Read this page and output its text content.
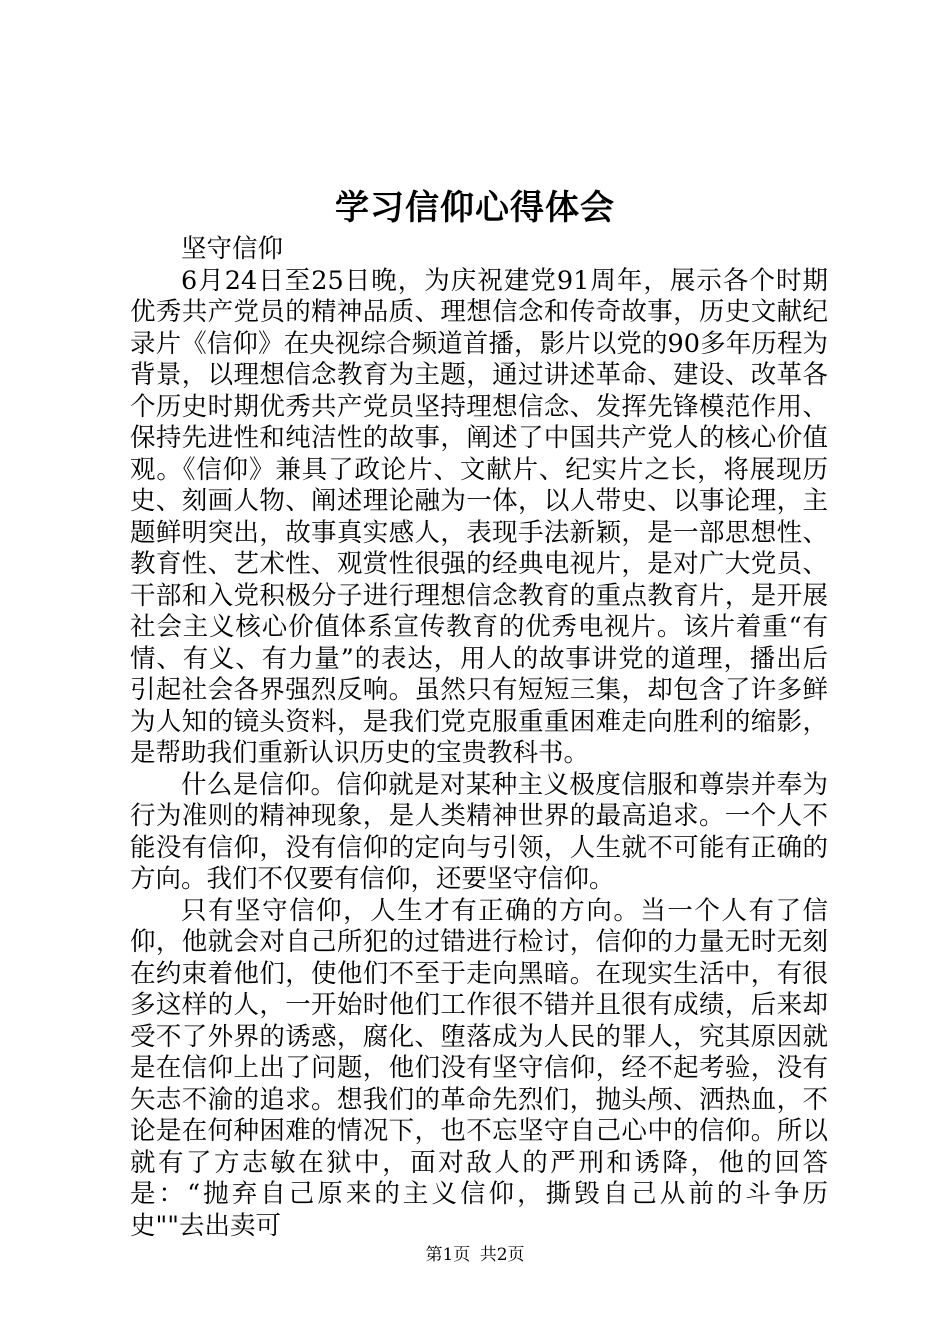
学习信仰心得体会

坚守信仰

6月24日至25日晚，为庆祝建党91周年，展示各个时期优秀共产党员的精神品质、理想信念和传奇故事，历史文献纪录片《信仰》在央视综合频道首播，影片以党的90多年历程为背景，以理想信念教育为主题，通过讲述革命、建设、改革各个历史时期优秀共产党员坚持理想信念、发挥先锋模范作用、保持先进性和纯洁性的故事，阐述了中国共产党人的核心价值观。《信仰》兼具了政论片、文献片、纪实片之长，将展现历史、刻画人物、阐述理论融为一体，以人带史、以事论理，主题鲜明突出，故事真实感人，表现手法新颖，是一部思想性、教育性、艺术性、观赏性很强的经典电视片，是对广大党员、干部和入党积极分子进行理想信念教育的重点教育片，是开展社会主义核心价值体系宣传教育的优秀电视片。该片着重“有情、有义、有力量”的表达，用人的故事讲党的道理，播出后引起社会各界强烈反响。虽然只有短短三集，却包含了许多鲜为人知的镜头资料，是我们党克服重重困难走向胜利的缩影，是帮助我们重新认识历史的宝贵教科书。

什么是信仰。信仰就是对某种主义极度信服和尊崇并奉为行为准则的精神现象，是人类精神世界的最高追求。一个人不能没有信仰，没有信仰的定向与引领，人生就不可能有正确的方向。我们不仅要有信仰，还要坚守信仰。

只有坚守信仰，人生才有正确的方向。当一个人有了信仰，他就会对自己所犯的过错进行检讨，信仰的力量无时无刻在约束着他们，使他们不至于走向黑暗。在现实生活中，有很多这样的人，一开始时他们工作很不错并且很有成绩，后来却受不了外界的诱惑，腐化、堕落成为人民的罪人，究其原因就是在信仰上出了问题，他们没有坚守信仰，经不起考验，没有矢志不渝的追求。想我们的革命先烈们，抛头颅、洒热血，不论是在何种困难的情况下，也不忘坚守自己心中的信仰。所以就有了方志敏在狱中，面对敌人的严刑和诱降，他的回答是：“抛弃自己原来的主义信仰，撕毁自己从前的斗争历史""去出卖可

第1页 共2页
